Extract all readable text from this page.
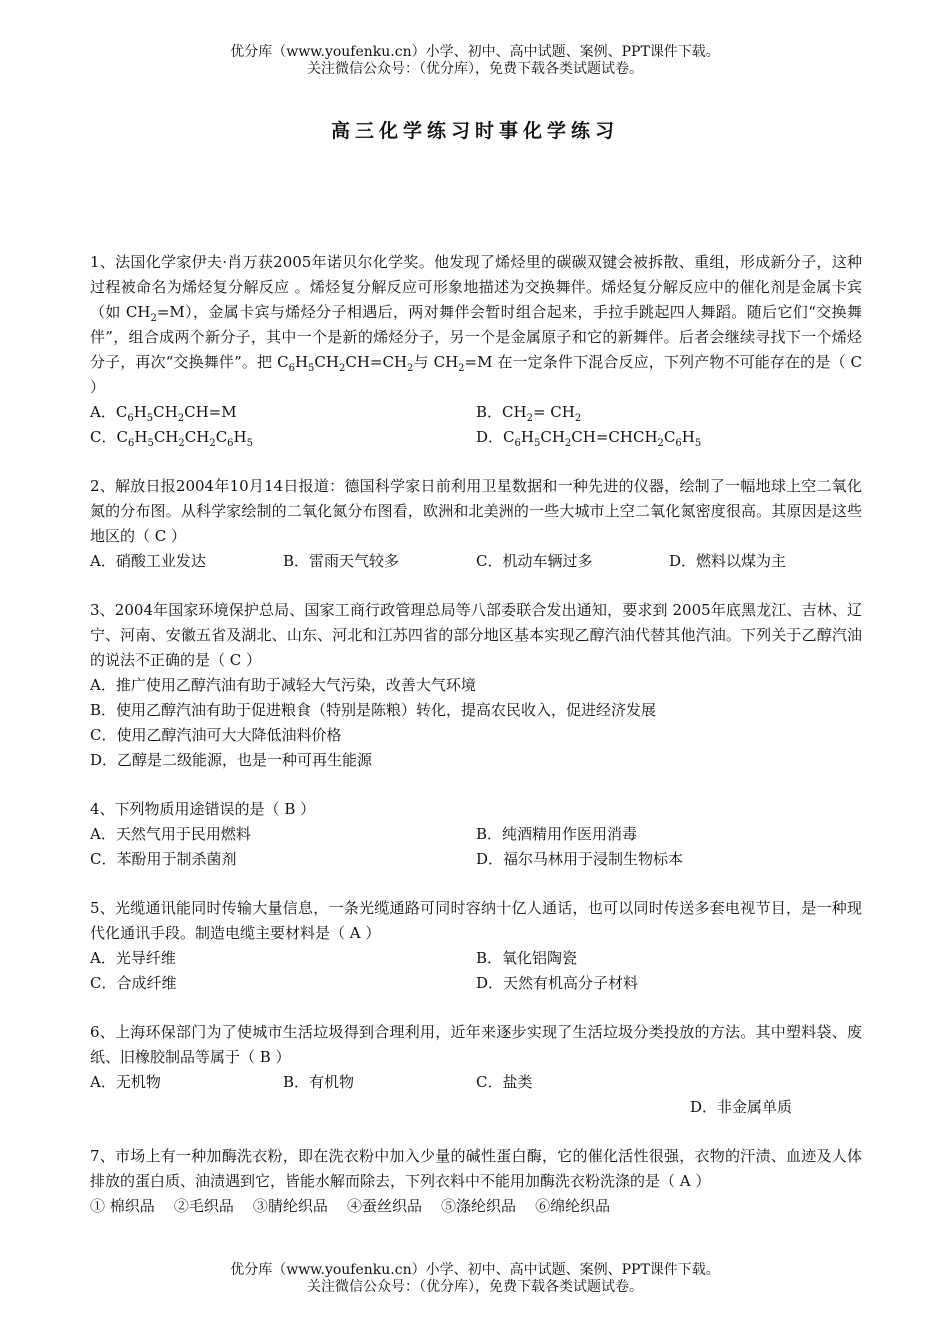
优分库（www.youfenku.cn）小学、初中、高中试题、案例、PPT课件下载。
关注微信公众号：（优分库），免费下载各类试题试卷。
高三化学练习时事化学练习
1、法国化学家伊夫·肖万获2005年诺贝尔化学奖。他发现了烯烃里的碳碳双键会被拆散、重组，形成新分子，这种过程被命名为烯烃复分解反应 。烯烃复分解反应可形象地描述为交换舞伴。烯烃复分解反应中的催化剂是金属卡宾（如 $CH_2=M$），金属卡宾与烯烃分子相遇后，两对舞伴会暂时组合起来，手拉手跳起四人舞蹈。随后它们“交换舞伴”，组合成两个新分子，其中一个是新的烯烃分子，另一个是金属原子和它的新舞伴。后者会继续寻找下一个烯烃分子，再次“交换舞伴”。把 $C_6H_5CH_2CH=CH_2$与 $CH_2=M$ 在一定条件下混合反应，下列产物不可能存在的是（ C ）
A．$C_6H_5CH_2CH=M$	B．$CH_2= CH_2$
C．$C_6H_5CH_2CH_2C_6H_5$	D．$C_6H_5CH_2CH=CHCH_2C_6H_5$
2、解放日报2004年10月14日报道：德国科学家日前利用卫星数据和一种先进的仪器，绘制了一幅地球上空二氧化氮的分布图。从科学家绘制的二氧化氮分布图看，欧洲和北美洲的一些大城市上空二氧化氮密度很高。其原因是这些地区的（ C ）
A．硝酸工业发达	B．雷雨天气较多	C．机动车辆过多	D．燃料以煤为主
3、2004年国家环境保护总局、国家工商行政管理总局等八部委联合发出通知，要求到 2005年底黑龙江、吉林、辽宁、河南、安徽五省及湖北、山东、河北和江苏四省的部分地区基本实现乙醇汽油代替其他汽油。下列关于乙醇汽油的说法不正确的是（ C ）
A．推广使用乙醇汽油有助于减轻大气污染，改善大气环境
B．使用乙醇汽油有助于促进粮食（特别是陈粮）转化，提高农民收入，促进经济发展
C．使用乙醇汽油可大大降低油料价格
D．乙醇是二级能源，也是一种可再生能源
4、下列物质用途错误的是（ B ）
A．天然气用于民用燃料	B．纯酒精用作医用消毒
C．苯酚用于制杀菌剂	D．福尔马林用于浸制生物标本
5、光缆通讯能同时传输大量信息，一条光缆通路可同时容纳十亿人通话，也可以同时传送多套电视节目，是一种现代化通讯手段。制造电缆主要材料是（ A ）
A．光导纤维	B．氧化铝陶瓷
C．合成纤维	D．天然有机高分子材料
6、上海环保部门为了使城市生活垃圾得到合理利用，近年来逐步实现了生活垃圾分类投放的方法。其中塑料袋、废纸、旧橡胶制品等属于（ B ）
A．无机物	B．有机物	C．盐类
D．非金属单质
7、市场上有一种加酶洗衣粉，即在洗衣粉中加入少量的碱性蛋白酶，它的催化活性很强，衣物的汗渍、血迹及人体排放的蛋白质、油渍遇到它，皆能水解而除去，下列衣料中不能用加酶洗衣粉洗涤的是（ A ）
① 棉织品    ②毛织品    ③腈纶织品    ④蚕丝织品    ⑤涤纶织品    ⑥绵纶织品
优分库（www.youfenku.cn）小学、初中、高中试题、案例、PPT课件下载。
关注微信公众号：（优分库），免费下载各类试题试卷。
